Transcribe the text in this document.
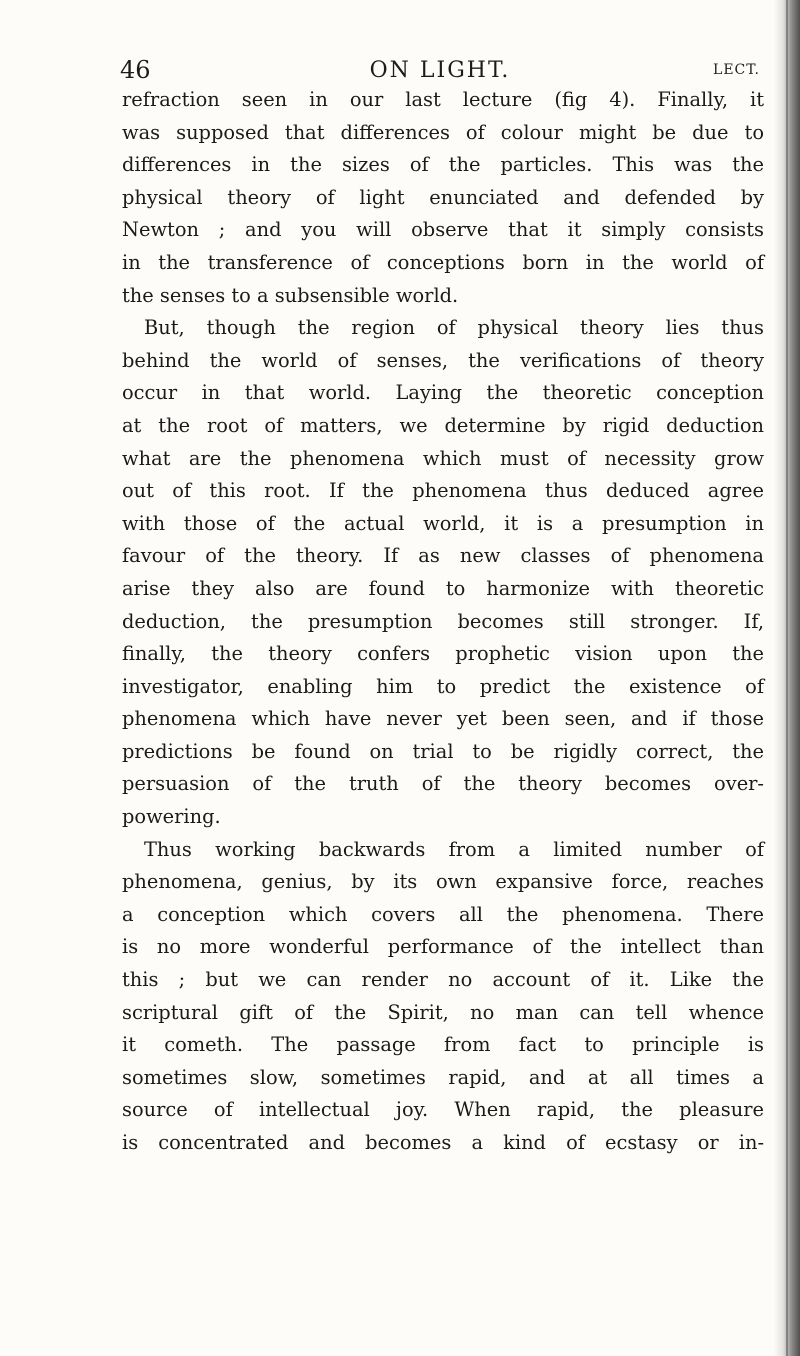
46	ON LIGHT.	LECT.
refraction seen in our last lecture (fig 4). Finally, it
was supposed that differences of colour might be due to
differences in the sizes of the particles. This was the
physical theory of light enunciated and defended by
Newton ; and you will observe that it simply consists
in the transference of conceptions born in the world of
the senses to a subsensible world.
But, though the region of physical theory lies thus
behind the world of senses, the verifications of theory
occur in that world. Laying the theoretic conception
at the root of matters, we determine by rigid deduction
what are the phenomena which must of necessity grow
out of this root. If the phenomena thus deduced agree
with those of the actual world, it is a presumption in
favour of the theory. If as new classes of phenomena
arise they also are found to harmonize with theoretic
deduction, the presumption becomes still stronger. If,
finally, the theory confers prophetic vision upon the
investigator, enabling him to predict the existence of
phenomena which have never yet been seen, and if those
predictions be found on trial to be rigidly correct, the
persuasion of the truth of the theory becomes over-
powering.
Thus working backwards from a limited number of
phenomena, genius, by its own expansive force, reaches
a conception which covers all the phenomena. There
is no more wonderful performance of the intellect than
this ; but we can render no account of it. Like the
scriptural gift of the Spirit, no man can tell whence
it cometh. The passage from fact to principle is
sometimes slow, sometimes rapid, and at all times a
source of intellectual joy. When rapid, the pleasure
is concentrated and becomes a kind of ecstasy or in-
